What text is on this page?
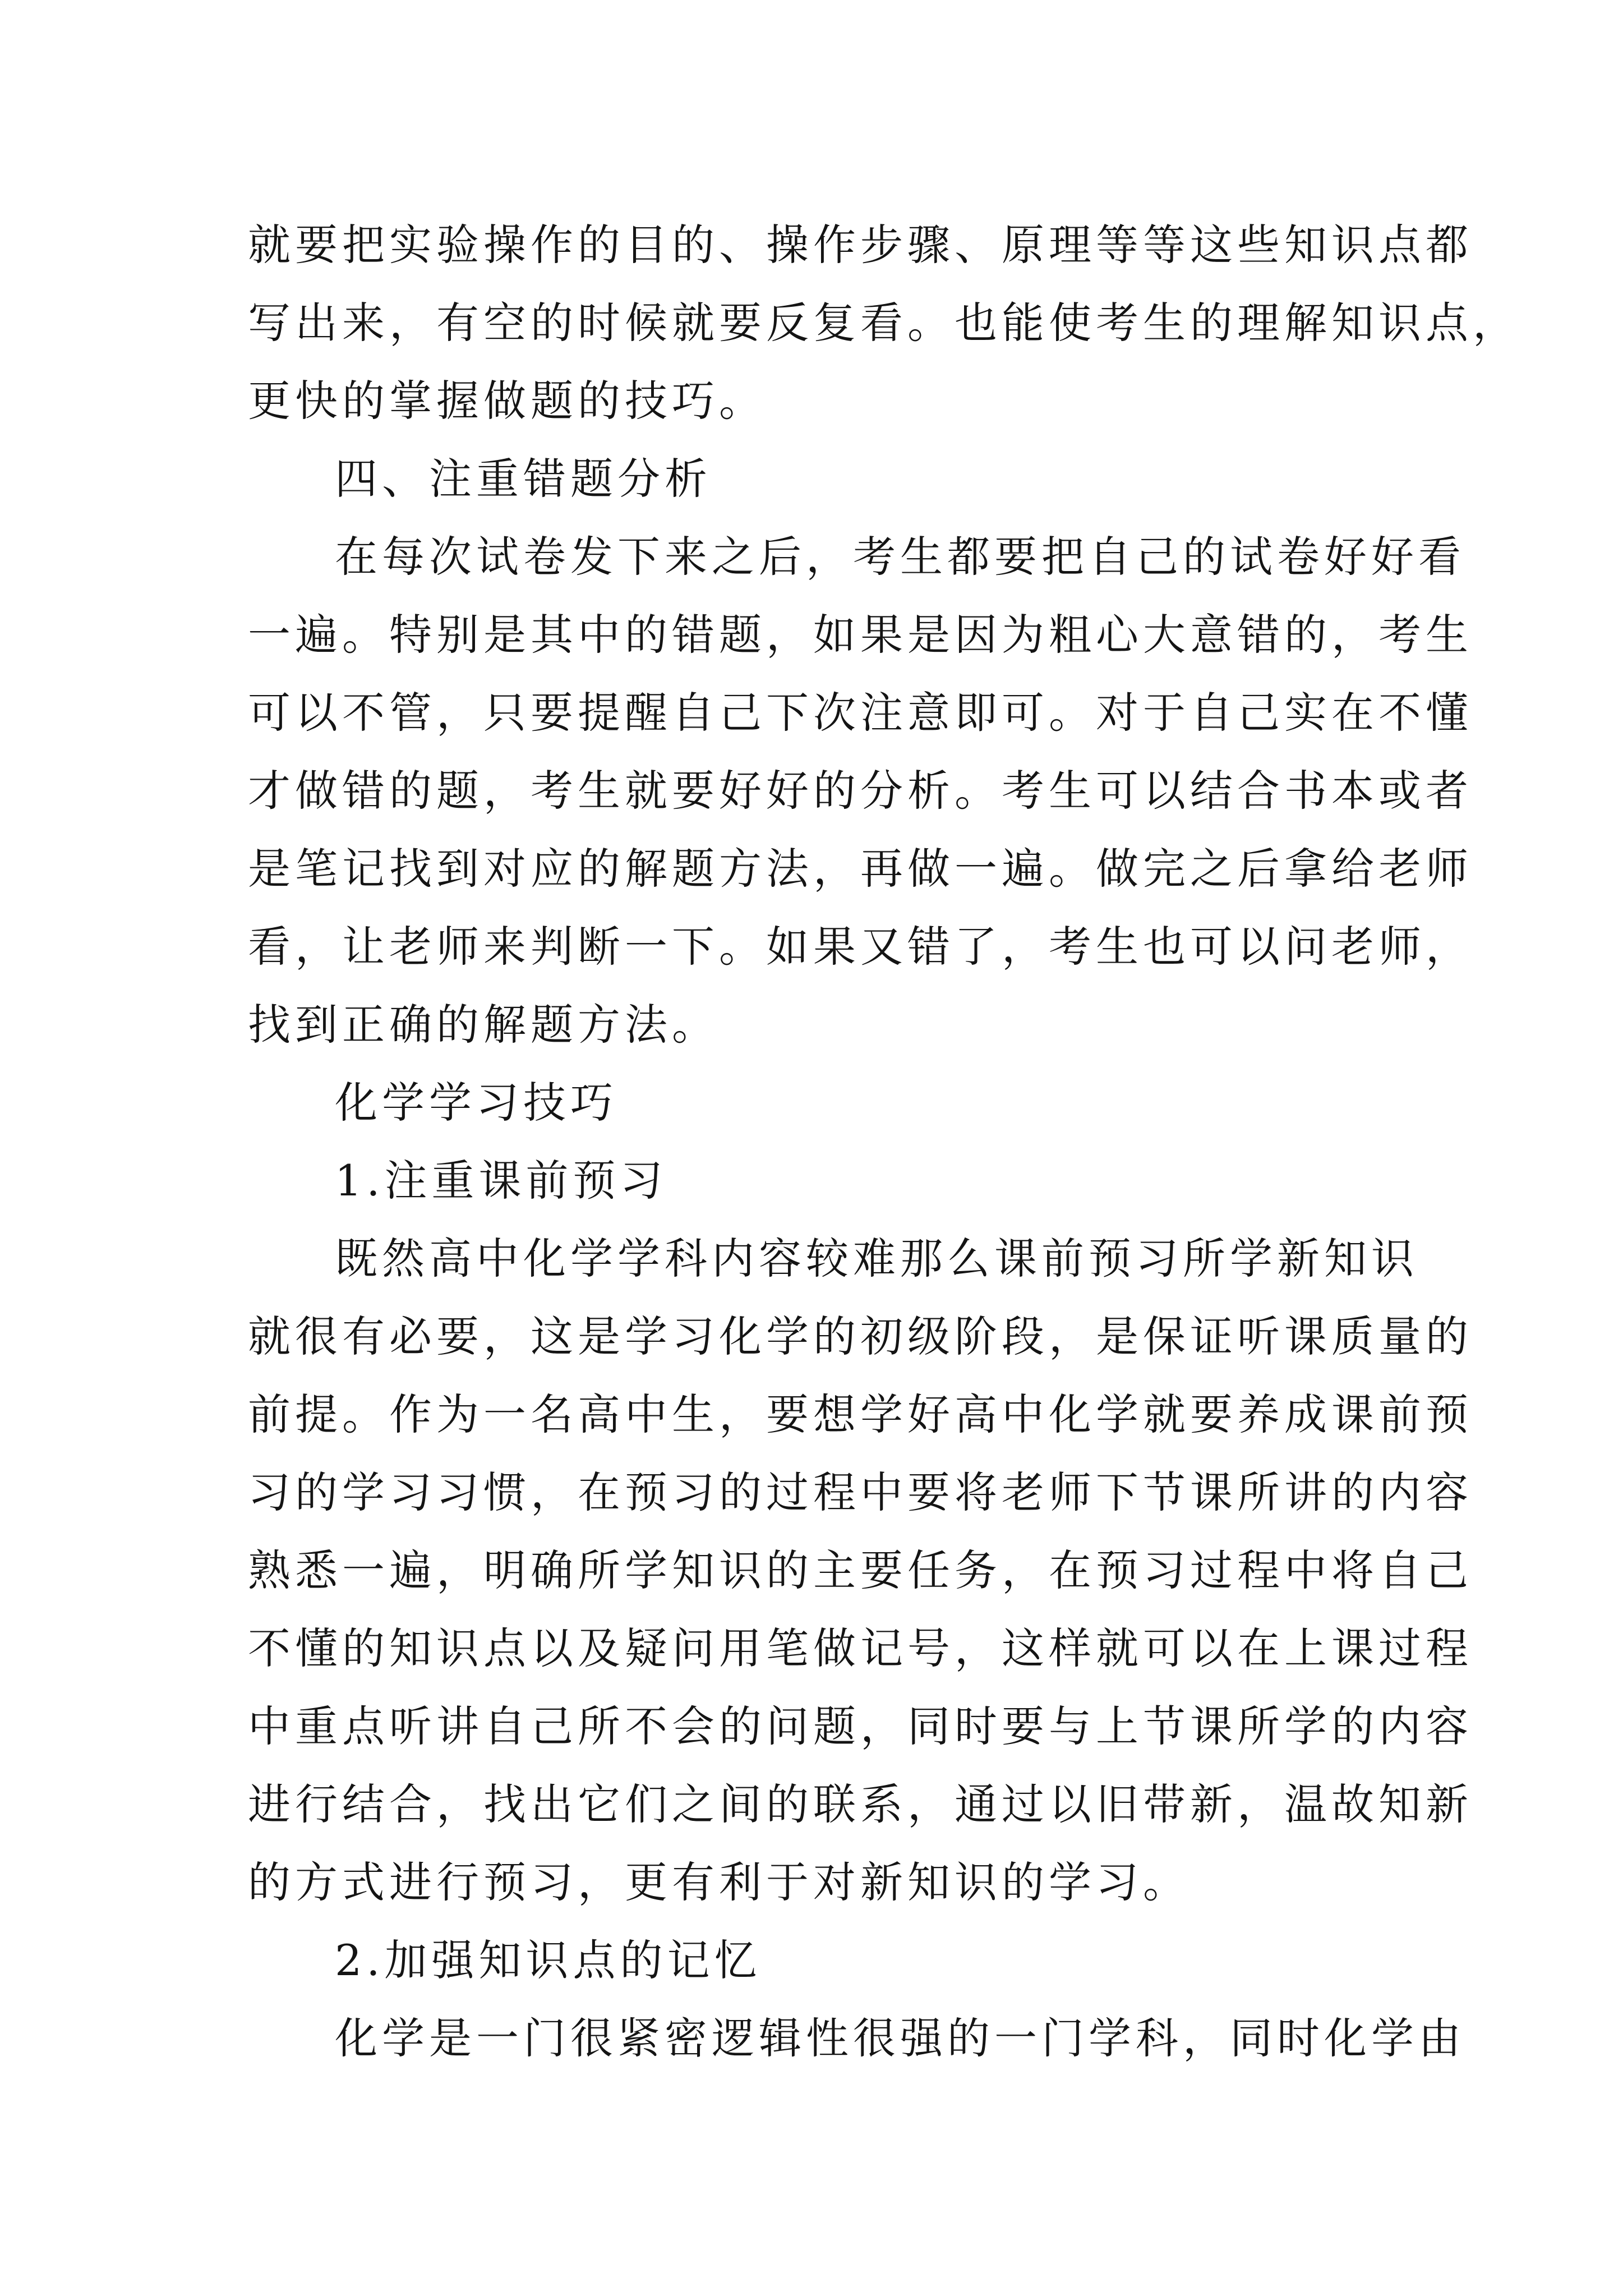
就要把实验操作的目的、操作步骤、原理等等这些知识点都
写出来，有空的时候就要反复看。也能使考生的理解知识点，
更快的掌握做题的技巧。
四、注重错题分析
在每次试卷发下来之后，考生都要把自己的试卷好好看
一遍。特别是其中的错题，如果是因为粗心大意错的，考生
可以不管，只要提醒自己下次注意即可。对于自己实在不懂
才做错的题，考生就要好好的分析。考生可以结合书本或者
是笔记找到对应的解题方法，再做一遍。做完之后拿给老师
看，让老师来判断一下。如果又错了，考生也可以问老师，
找到正确的解题方法。
化学学习技巧
1.注重课前预习
既然高中化学学科内容较难那么课前预习所学新知识
就很有必要，这是学习化学的初级阶段，是保证听课质量的
前提。作为一名高中生，要想学好高中化学就要养成课前预
习的学习习惯，在预习的过程中要将老师下节课所讲的内容
熟悉一遍，明确所学知识的主要任务，在预习过程中将自己
不懂的知识点以及疑问用笔做记号，这样就可以在上课过程
中重点听讲自己所不会的问题，同时要与上节课所学的内容
进行结合，找出它们之间的联系，通过以旧带新，温故知新
的方式进行预习，更有利于对新知识的学习。
2.加强知识点的记忆
化学是一门很紧密逻辑性很强的一门学科，同时化学由
